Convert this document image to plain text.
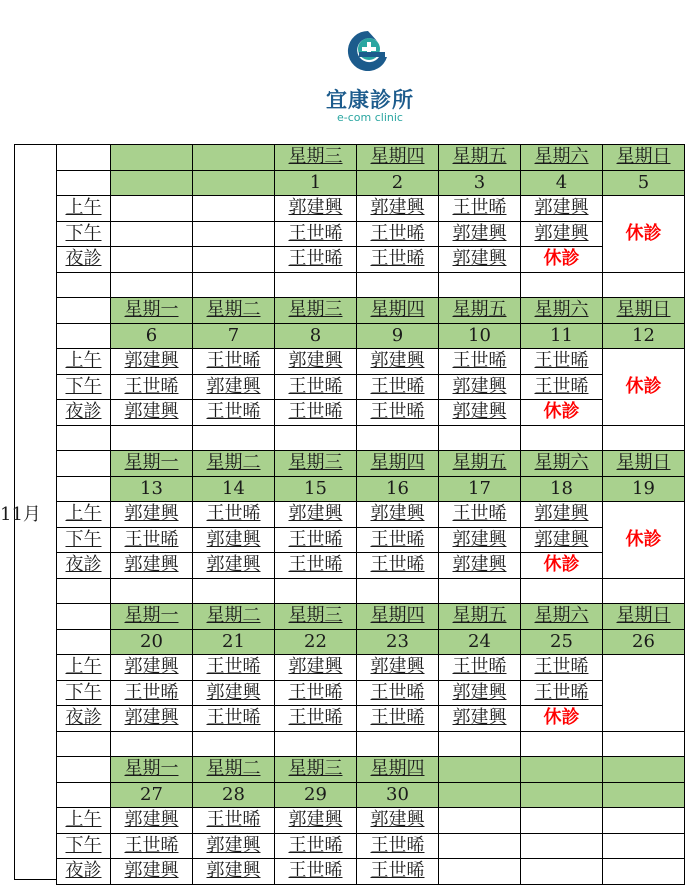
宜康診所
e-com clinic
11月
			星期三	星期四	星期五	星期六	星期日
			1	2	3	4	5
上午			郭建興	郭建興	王世晞	郭建興	休診
下午			王世晞	王世晞	郭建興	郭建興	
夜診			王世晞	王世晞	郭建興	休診	

	星期一	星期二	星期三	星期四	星期五	星期六	星期日
	6	7	8	9	10	11	12
上午	郭建興	王世晞	郭建興	郭建興	王世晞	王世晞	休診
下午	王世晞	郭建興	王世晞	王世晞	郭建興	王世晞	
夜診	郭建興	王世晞	王世晞	王世晞	郭建興	休診	

	星期一	星期二	星期三	星期四	星期五	星期六	星期日
	13	14	15	16	17	18	19
上午	郭建興	王世晞	郭建興	郭建興	王世晞	郭建興	休診
下午	王世晞	郭建興	王世晞	王世晞	郭建興	郭建興	
夜診	郭建興	郭建興	王世晞	王世晞	郭建興	休診	

	星期一	星期二	星期三	星期四	星期五	星期六	星期日
	20	21	22	23	24	25	26
上午	郭建興	王世晞	郭建興	郭建興	王世晞	王世晞	
下午	王世晞	郭建興	王世晞	王世晞	郭建興	王世晞	
夜診	郭建興	王世晞	王世晞	王世晞	郭建興	休診	

	星期一	星期二	星期三	星期四			
	27	28	29	30			
上午	郭建興	王世晞	郭建興	郭建興			
下午	王世晞	郭建興	王世晞	王世晞			
夜診	郭建興	郭建興	王世晞	王世晞			
